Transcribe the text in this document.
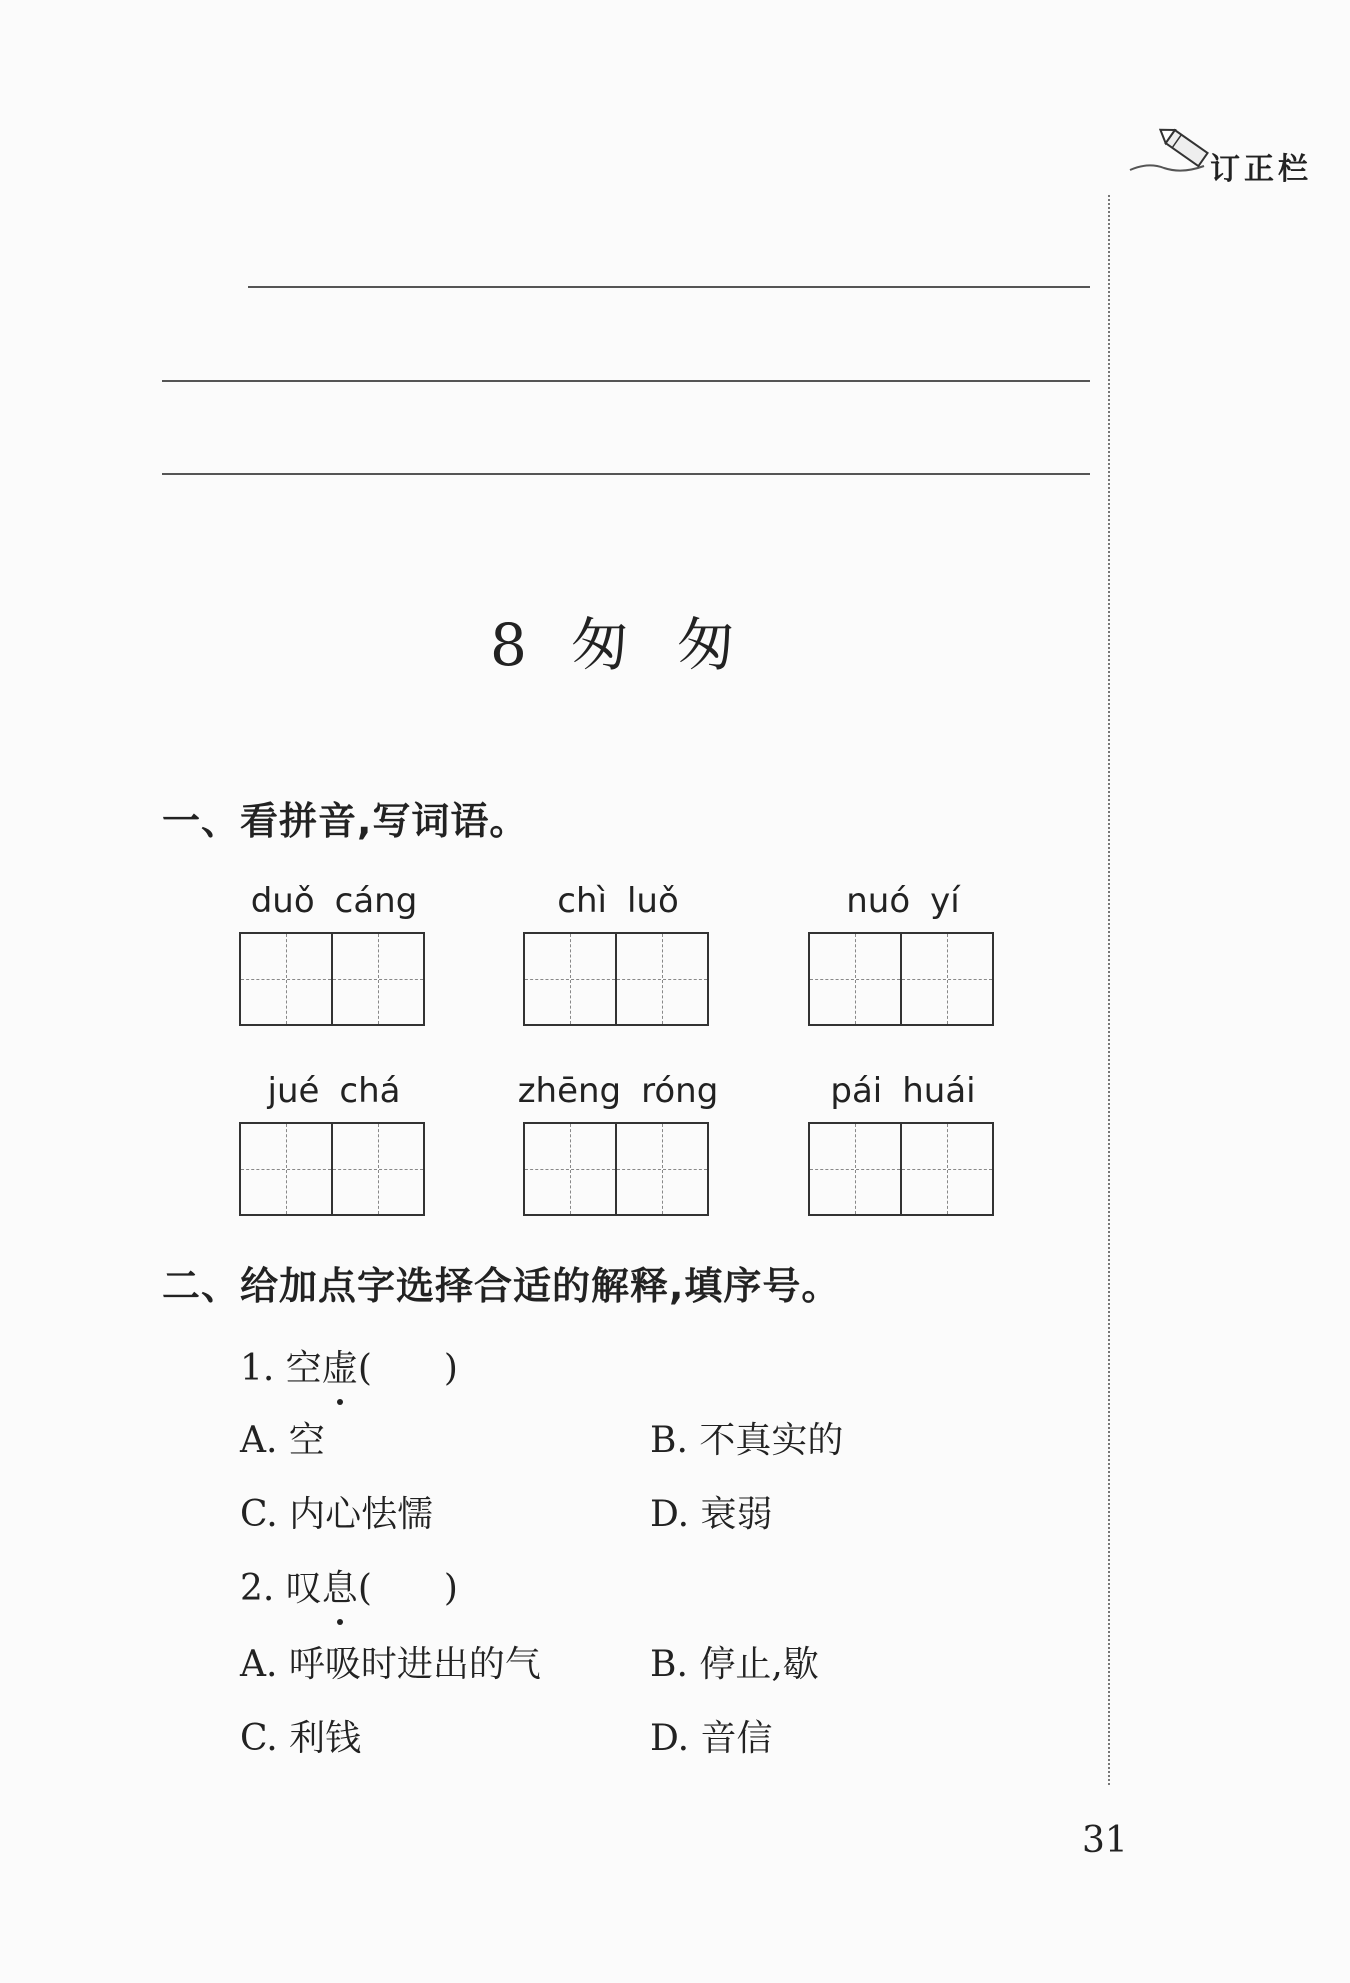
订正栏
8 匆 匆
一、看拼音,写词语。
duǒ cáng	chì luǒ	nuó yí
jué chá	zhēng róng	pái huái
二、给加点字选择合适的解释,填序号。
1. 空虚(　　)
A. 空	B. 不真实的
C. 内心怯懦	D. 衰弱
2. 叹息(　　)
A. 呼吸时进出的气	B. 停止,歇
C. 利钱	D. 音信
31
